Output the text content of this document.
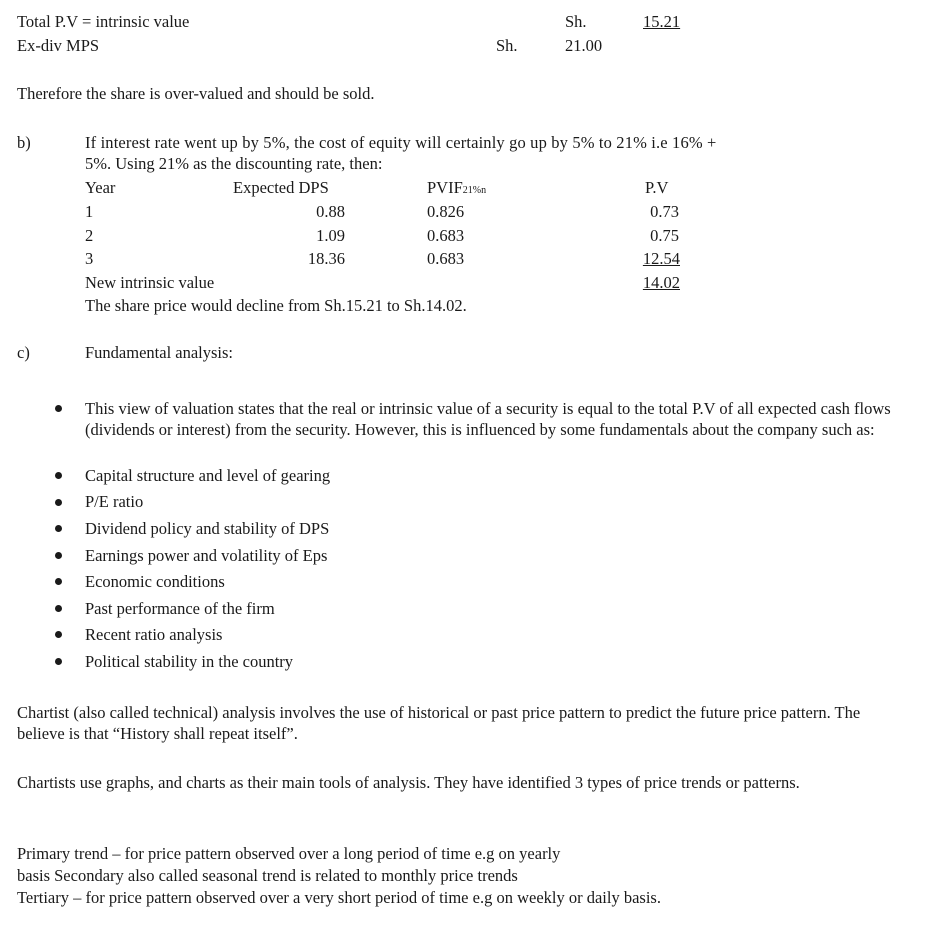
Total P.V = intrinsic value	Sh.	15.21
Ex-div MPS	Sh.	21.00
Therefore the share is over-valued and should be sold.
b)	If interest rate went up by 5%, the cost of equity will certainly go up by 5% to 21% i.e 16% +
5%. Using 21% as the discounting rate, then:
Year	Expected DPS	PVIF21%n	P.V
1	0.88	0.826	0.73
2	1.09	0.683	0.75
3	18.36	0.683	12.54
New intrinsic value	14.02
The share price would decline from Sh.15.21 to Sh.14.02.
c)	Fundamental analysis:
This view of valuation states that the real or intrinsic value of a security is equal to the total P.V of all expected cash flows (dividends or interest) from the security. However, this is influenced by some fundamentals about the company such as:
Capital structure and level of gearing
P/E ratio
Dividend policy and stability of DPS
Earnings power and volatility of Eps
Economic conditions
Past performance of the firm
Recent ratio analysis
Political stability in the country
Chartist (also called technical) analysis involves the use of historical or past price pattern to predict the future price pattern. The believe is that “History shall repeat itself”.
Chartists use graphs, and charts as their main tools of analysis. They have identified 3 types of price trends or patterns.
Primary trend – for price pattern observed over a long period of time e.g on yearly
basis Secondary also called seasonal trend is related to monthly price trends
Tertiary – for price pattern observed over a very short period of time e.g on weekly or daily basis.
